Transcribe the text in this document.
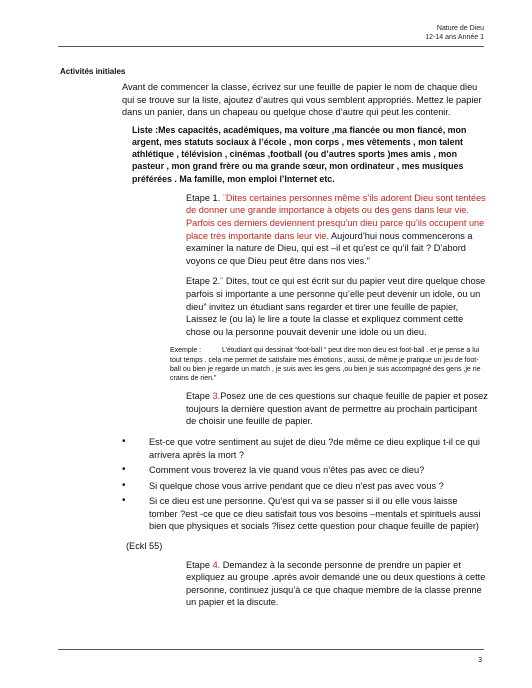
Nature de Dieu
12-14 ans Année 1
Activités initiales

Avant de commencer la classe, écrivez sur une feuille de papier le nom de chaque dieu qui se trouve sur la liste, ajoutez d’autres qui vous semblent appropriés. Mettez le papier dans un panier, dans un chapeau ou quelque chose d’autre qui peut les contenir.

Liste :Mes capacités, académiques, ma voiture ,ma fiancée ou mon fiancé, mon argent, mes statuts sociaux à l’école , mon corps , mes vêtements , mon talent athlétique , télévision , cinémas ,football (ou d’autres sports )mes amis , mon pasteur , mon grand frère ou ma grande sœur, mon ordinateur , mes musiques préférées . Ma famille, mon emploi l’Internet etc.

Etape 1. ¨Dites certaines personnes même s’ils adorent Dieu sont tentées de donner une grande importance à objets ou des gens dans leur vie. Parfois ces derniers deviennent presqu’un dieu parce qu’ils occupent une place très importante dans leur vie. Aujourd’hui nous commencerons a examiner la nature de Dieu, qui est –il et qu’est ce qu’il fait ? D’abord voyons ce que Dieu peut être dans nos vies.”

Etape 2.¨ Dites, tout ce qui est écrit sur du papier veut dire quelque chose parfois si importante a une personne qu’elle peut devenir un idole, ou un dieu” invitez un étudiant sans regarder et tirer une feuille de papier, Laissez le (ou la) le lire a toute la classe et expliquez comment cette chose ou la personne pouvait devenir une idole ou un dieu.

Exemple :	L’étudiant qui dessinait “foot-ball “ peut dire mon dieu est foot-ball . et je pense a lui tout temps . cela me permet de satisfaire mes émotions , aussi, de même je pratique un jeu de foot-ball ou bien je regarde un match , je suis avec les gens ,ou bien je suis accompagné des gens ,je ne crains de rien.”

Etape 3.Posez une de ces questions sur chaque feuille de papier et posez toujours la dernière question avant de permettre au prochain participant de choisir une feuille de papier.

•	Est-ce que votre sentiment au sujet de dieu ?de même ce dieu explique t-il ce qui arrivera après la mort ?
•	Comment vous troverez la vie quand vous n’êtes pas avec ce dieu?
•	Si quelque chose vous arrive pendant que ce dieu n’est pas avec vous ?
•	Si ce dieu est une personne. Qu’est qui va se passer si il ou elle vous laisse tomber ?est -ce que ce dieu satisfait tous vos besoins –mentals et spirituels aussi bien que physiques et socials ?lisez cette question pour chaque feuille de papier)

(Eckl 55)

Etape 4. Demandez à la seconde personne de prendre un papier et expliquez au groupe .après avoir demandé une ou deux questions à cette personne, continuez jusqu’à ce que chaque membre de la classe prenne un papier et la discute.

3
